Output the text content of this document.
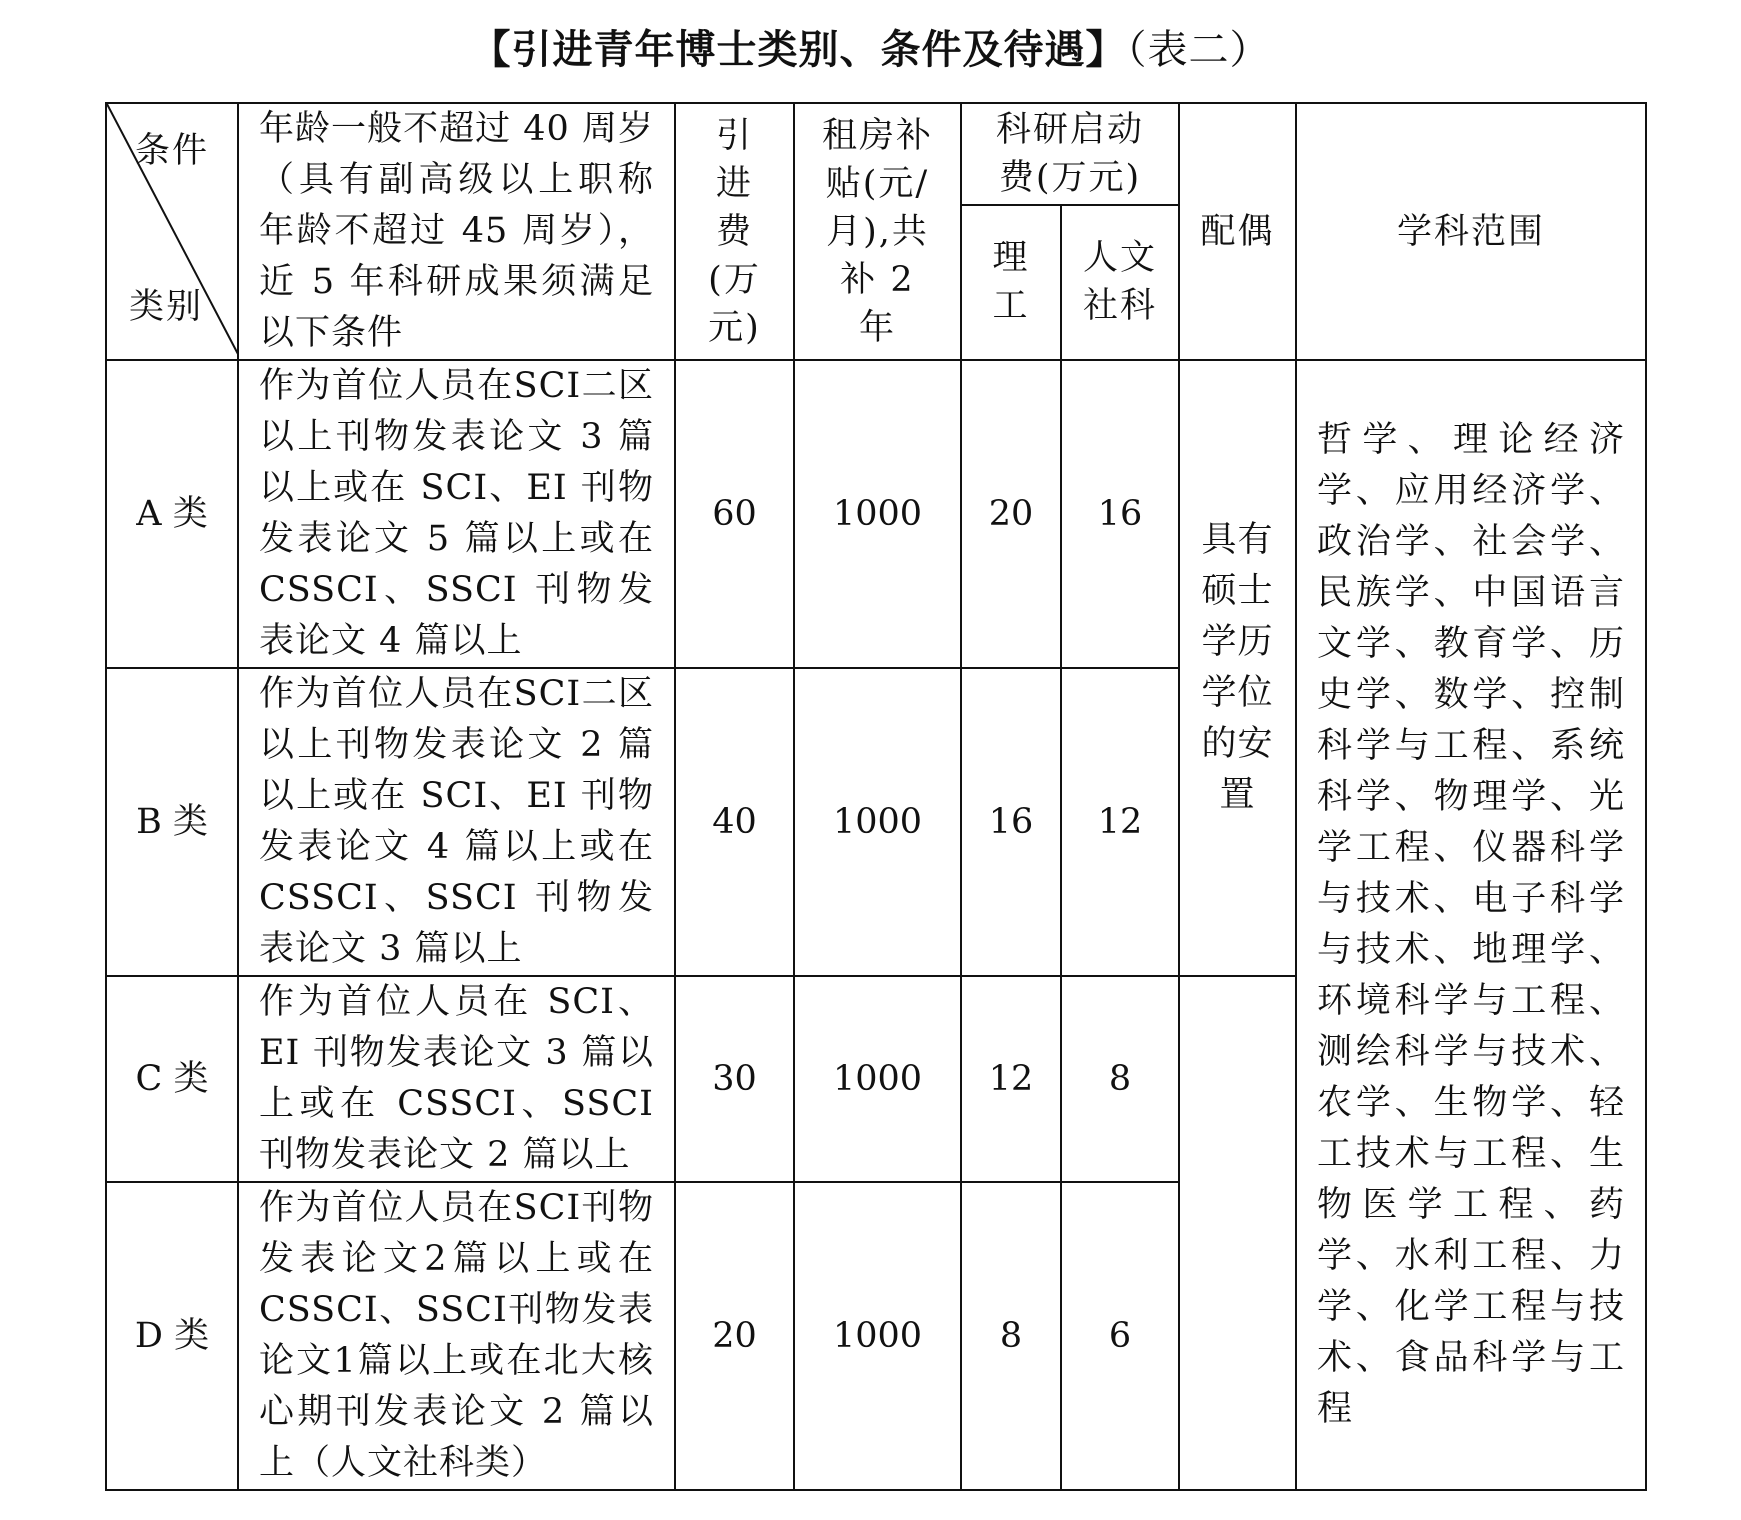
【引进青年博士类别、条件及待遇】（表二）
条件
类别	年龄一般不超过 40 周岁（具有副高级以上职称年龄不超过 45 周岁），近 5 年科研成果须满足以下条件	引进费(万元)	租房补贴(元/月),共补 2 年	科研启动费(万元)		配偶	学科范围
				理工	人文社科		
A 类	作为首位人员在SCI二区以上刊物发表论文 3 篇以上或在 SCI、EI 刊物发表论文 5 篇以上或在 CSSCI、SSCI 刊物发表论文 4 篇以上	60	1000	20	16	具有硕士学历学位的安置	哲学、理论经济学、应用经济学、政治学、社会学、民族学、中国语言文学、教育学、历史学、数学、控制科学与工程、系统科学、物理学、光学工程、仪器科学与技术、电子科学与技术、地理学、环境科学与工程、测绘科学与技术、农学、生物学、轻工技术与工程、生物医学工程、药学、水利工程、力学、化学工程与技术、食品科学与工程
B 类	作为首位人员在SCI二区以上刊物发表论文 2 篇以上或在 SCI、EI 刊物发表论文 4 篇以上或在 CSSCI、SSCI 刊物发表论文 3 篇以上	40	1000	16	12		
C 类	作为首位人员在 SCI、EI 刊物发表论文 3 篇以上或在 CSSCI、SSCI 刊物发表论文 2 篇以上	30	1000	12	8		
D 类	作为首位人员在SCI刊物发表论文2篇以上或在CSSCI、SSCI刊物发表论文1篇以上或在北大核心期刊发表论文 2 篇以上（人文社科类）	20	1000	8	6		
